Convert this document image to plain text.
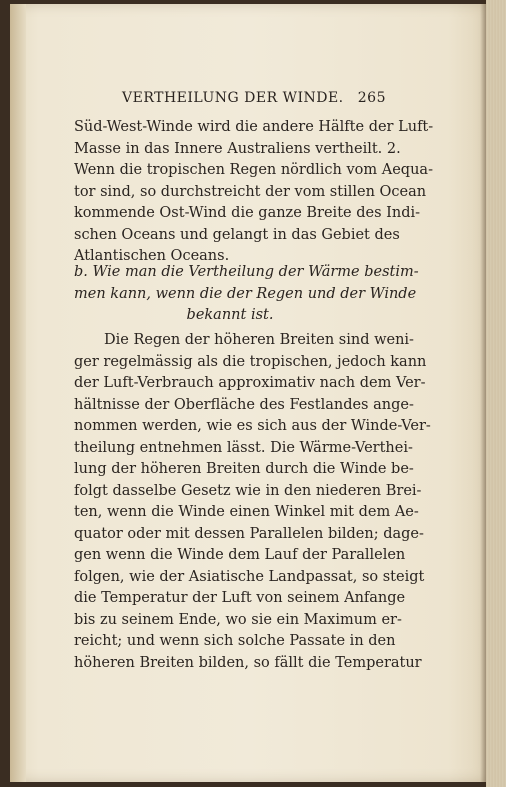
VERTHEILUNG DER WINDE. 265
Süd-West-Winde wird die andere Hälfte der Luft-
Masse in das Innere Australiens vertheilt. 2.
Wenn die tropischen Regen nördlich vom Aequa-
tor sind, so durchstreicht der vom stillen Ocean
kommende Ost-Wind die ganze Breite des Indi-
schen Oceans und gelangt in das Gebiet des
Atlantischen Oceans.
b. Wie man die Vertheilung der Wärme bestim-
men kann, wenn die der Regen und der Winde
bekannt ist.
Die Regen der höheren Breiten sind weni-
ger regelmässig als die tropischen, jedoch kann
der Luft-Verbrauch approximativ nach dem Ver-
hältnisse der Oberfläche des Festlandes ange-
nommen werden, wie es sich aus der Winde-Ver-
theilung entnehmen lässt. Die Wärme-Verthei-
lung der höheren Breiten durch die Winde be-
folgt dasselbe Gesetz wie in den niederen Brei-
ten, wenn die Winde einen Winkel mit dem Ae-
quator oder mit dessen Parallelen bilden; dage-
gen wenn die Winde dem Lauf der Parallelen
folgen, wie der Asiatische Landpassat, so steigt
die Temperatur der Luft von seinem Anfange
bis zu seinem Ende, wo sie ein Maximum er-
reicht; und wenn sich solche Passate in den
höheren Breiten bilden, so fällt die Temperatur
